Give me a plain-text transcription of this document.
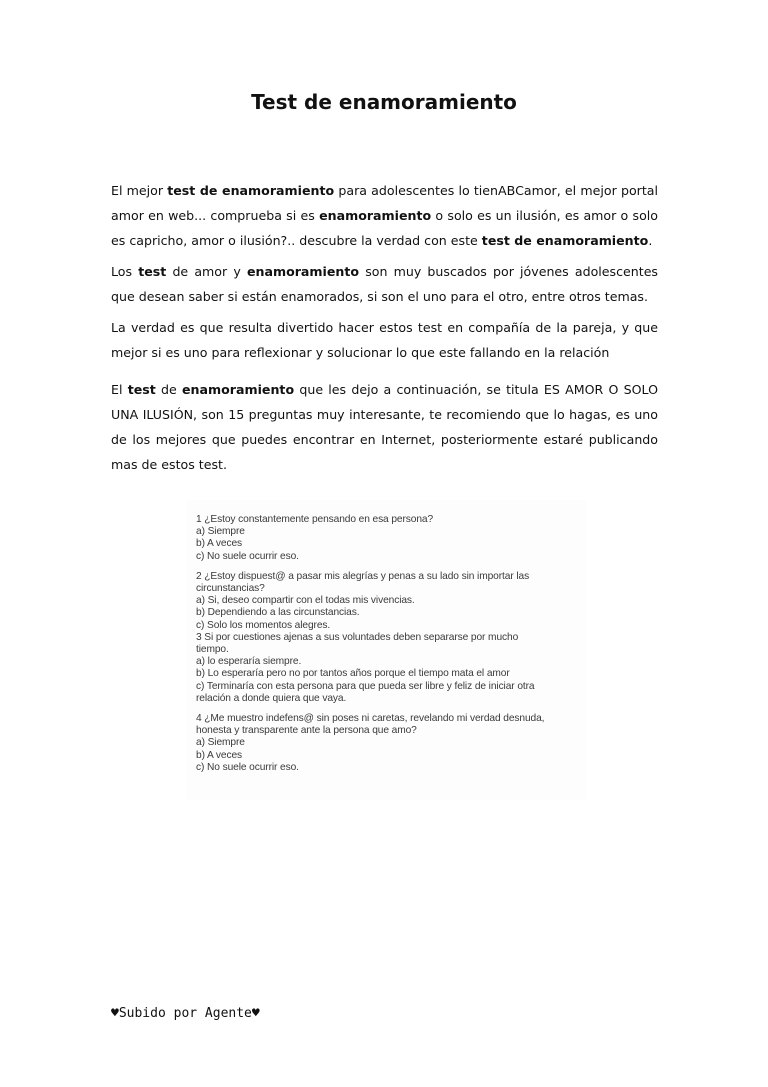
Test de enamoramiento
El mejor test de enamoramiento para adolescentes lo tienABCamor, el mejor portal amor en web... comprueba si es enamoramiento o solo es un ilusión, es amor o solo es capricho, amor o ilusión?.. descubre la verdad con este test de enamoramiento.
Los test de amor y enamoramiento son muy buscados por jóvenes adolescentes que desean saber si están enamorados, si son el uno para el otro, entre otros temas.
La verdad es que resulta divertido hacer estos test en compañía de la pareja, y que mejor si es uno para reflexionar y solucionar lo que este fallando en la relación
El test de enamoramiento que les dejo a continuación, se titula ES AMOR O SOLO UNA ILUSIÓN, son 15 preguntas muy interesante, te recomiendo que lo hagas, es uno de los mejores que puedes encontrar en Internet, posteriormente estaré publicando mas de estos test.
1 ¿Estoy constantemente pensando en esa persona?
a) Siempre
b) A veces
c) No suele ocurrir eso.
2 ¿Estoy dispuest@ a pasar mis alegrías y penas a su lado sin importar las
circunstancias?
a) Si, deseo compartir con el todas mis vivencias.
b) Dependiendo a las circunstancias.
c) Solo los momentos alegres.
3 Si por cuestiones ajenas a sus voluntades deben separarse por mucho
tiempo.
a) lo esperaría siempre.
b) Lo esperaría pero no por tantos años porque el tiempo mata el amor
c) Terminaría con esta persona para que pueda ser libre y feliz de iniciar otra
relación a donde quiera que vaya.
4 ¿Me muestro indefens@ sin poses ni caretas, revelando mi verdad desnuda,
honesta y transparente ante la persona que amo?
a) Siempre
b) A veces
c) No suele ocurrir eso.
♥Subido por Agente♥
